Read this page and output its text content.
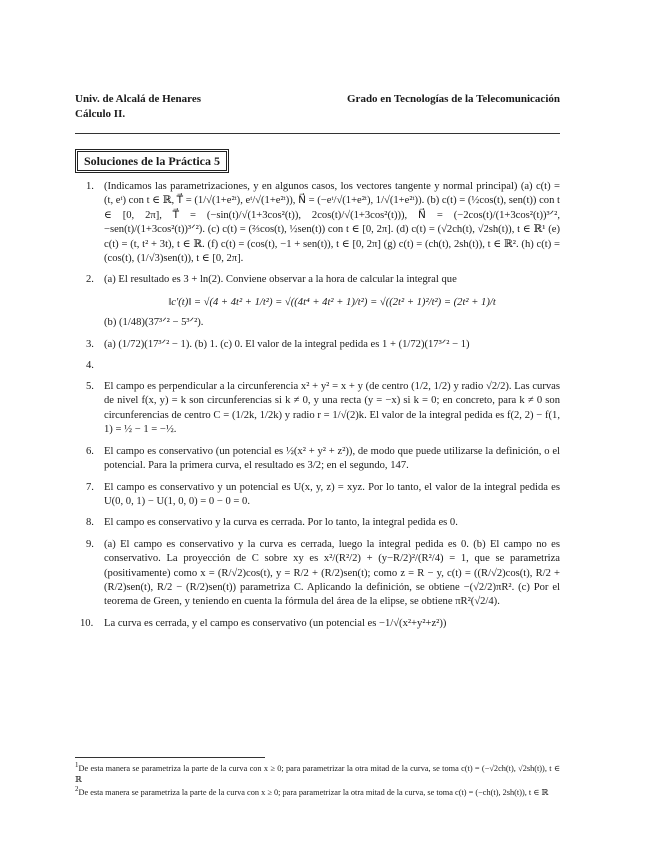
Univ. de Alcalá de Henares
Cálculo II.
Grado en Tecnologías de la Telecomunicación
Soluciones de la Práctica 5
1. (Indicamos las parametrizaciones, y en algunos casos, los vectores tangente y normal principal) (a) c(t) = (t, eᵗ) con t ∈ ℝ, T⃗ = (1/√(1+e²ᵗ), eᵗ/√(1+e²ᵗ)), N⃗ = (−eᵗ/√(1+e²ᵗ), 1/√(1+e²ᵗ)). (b) c(t) = (½cos(t), sen(t)) con t ∈ [0, 2π], T⃗ = (−sin(t)/√(1+3cos²(t)), 2cos(t)/√(1+3cos²(t))), N⃗ = (−2cos(t)/(1+3cos²(t))³ᐟ², −sen(t)/(1+3cos²(t))³ᐟ²). (c) c(t) = (⅔cos(t), ½sen(t)) con t ∈ [0, 2π]. (d) c(t) = (√2ch(t), √2sh(t)), t ∈ ℝ¹ (e) c(t) = (t, t² + 3t), t ∈ ℝ. (f) c(t) = (cos(t), −1 + sen(t)), t ∈ [0, 2π] (g) c(t) = (ch(t), 2sh(t)), t ∈ ℝ². (h) c(t) = (cos(t), (1/√3)sen(t)), t ∈ [0, 2π].
2. (a) El resultado es 3 + ln(2). Conviene observar a la hora de calcular la integral que
‖c′(t)‖ = √(4 + 4t² + 1/t²) = √((4t⁴ + 4t² + 1)/t²) = √((2t² + 1)²/t²) = (2t² + 1)/t
(b) (1/48)(37³ᐟ² − 5³ᐟ²).
3. (a) (1/72)(17³ᐟ² − 1). (b) 1. (c) 0. El valor de la integral pedida es 1 + (1/72)(17³ᐟ² − 1)
4.
5. El campo es perpendicular a la circunferencia x² + y² = x + y (de centro (1/2, 1/2) y radio √2/2). Las curvas de nivel f(x, y) = k son circunferencias si k ≠ 0, y una recta (y = −x) si k = 0; en concreto, para k ≠ 0 son circunferencias de centro C = (1/2k, 1/2k) y radio r = 1/√(2)k. El valor de la integral pedida es f(2, 2) − f(1, 1) = ½ − 1 = −½.
6. El campo es conservativo (un potencial es ½(x² + y² + z²)), de modo que puede utilizarse la definición, o el potencial. Para la primera curva, el resultado es 3/2; en el segundo, 147.
7. El campo es conservativo y un potencial es U(x, y, z) = xyz. Por lo tanto, el valor de la integral pedida es U(0, 0, 1) − U(1, 0, 0) = 0 − 0 = 0.
8. El campo es conservativo y la curva es cerrada. Por lo tanto, la integral pedida es 0.
9. (a) El campo es conservativo y la curva es cerrada, luego la integral pedida es 0. (b) El campo no es conservativo. La proyección de C sobre xy es x²/(R²/2) + (y−R/2)²/(R²/4) = 1, que se parametriza (positivamente) como x = (R/√2)cos(t), y = R/2 + (R/2)sen(t); como z = R − y, c(t) = ((R/√2)cos(t), R/2 + (R/2)sen(t), R/2 − (R/2)sen(t)) parametriza C. Aplicando la definición, se obtiene −(√2/2)πR². (c) Por el teorema de Green, y teniendo en cuenta la fórmula del área de la elipse, se obtiene πR²(√2/4).
10. La curva es cerrada, y el campo es conservativo (un potencial es −1/√(x²+y²+z²))
$^1$De esta manera se parametriza la parte de la curva con x ≥ 0; para parametrizar la otra mitad de la curva, se toma c(t) = (−√2ch(t), √2sh(t)), t ∈ ℝ
$^2$De esta manera se parametriza la parte de la curva con x ≥ 0; para parametrizar la otra mitad de la curva, se toma c(t) = (−ch(t), 2sh(t)), t ∈ ℝ
